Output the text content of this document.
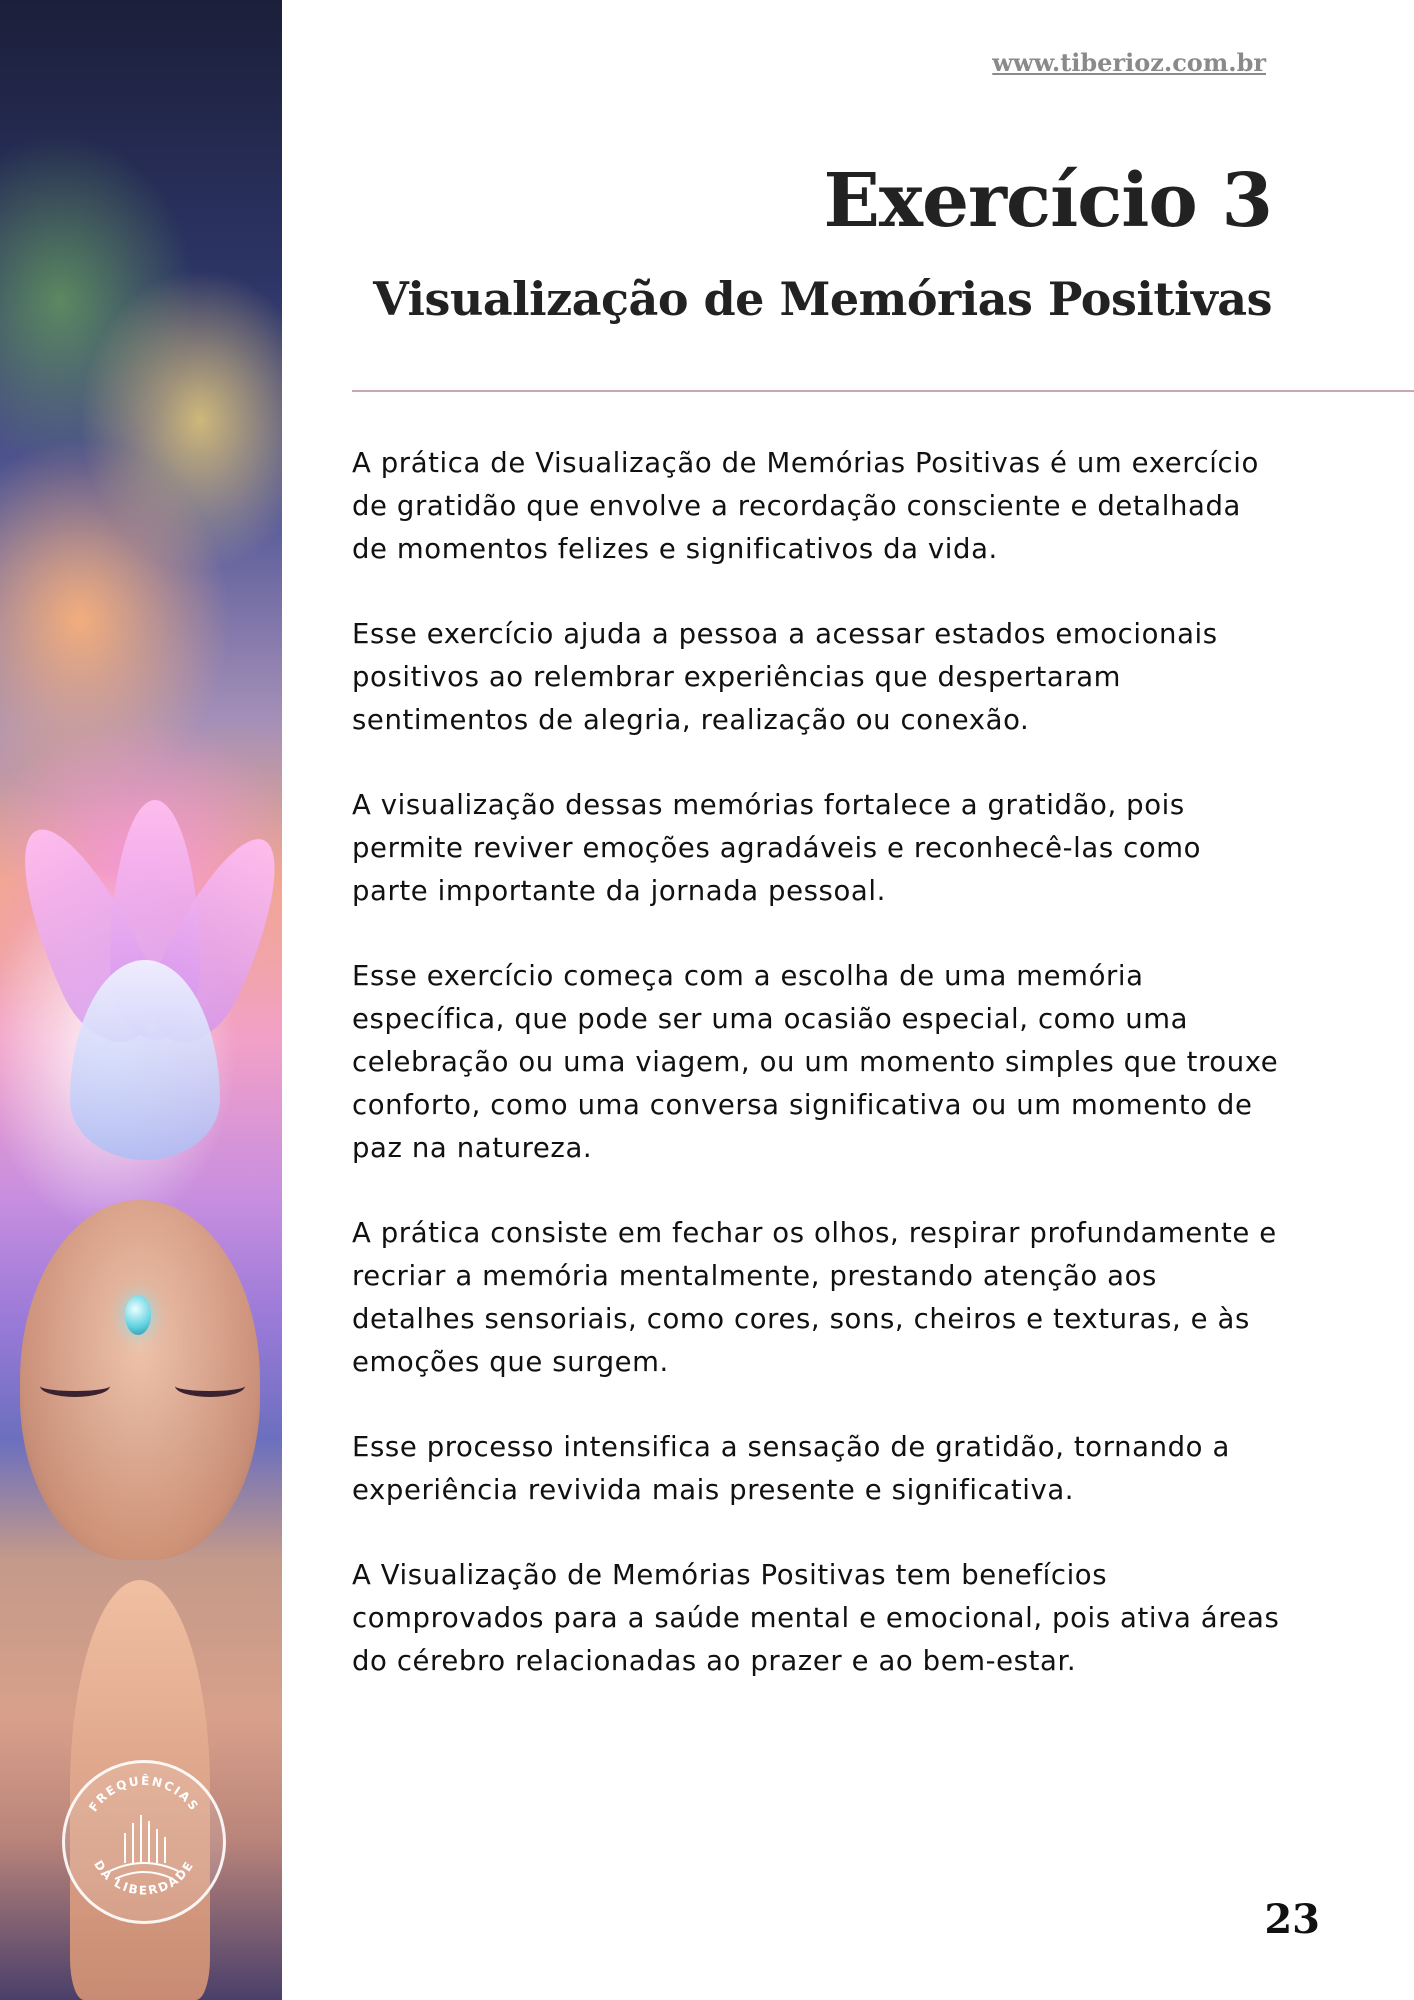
FREQUÊNCIAS
DA LIBERDADE
www.tiberioz.com.br
Exercício 3
Visualização de Memórias Positivas

A prática de Visualização de Memórias Positivas é um exercício de gratidão que envolve a recordação consciente e detalhada de momentos felizes e significativos da vida.

Esse exercício ajuda a pessoa a acessar estados emocionais positivos ao relembrar experiências que despertaram sentimentos de alegria, realização ou conexão.

A visualização dessas memórias fortalece a gratidão, pois permite reviver emoções agradáveis e reconhecê-las como parte importante da jornada pessoal.

Esse exercício começa com a escolha de uma memória específica, que pode ser uma ocasião especial, como uma celebração ou uma viagem, ou um momento simples que trouxe conforto, como uma conversa significativa ou um momento de paz na natureza.

A prática consiste em fechar os olhos, respirar profundamente e recriar a memória mentalmente, prestando atenção aos detalhes sensoriais, como cores, sons, cheiros e texturas, e às emoções que surgem.

Esse processo intensifica a sensação de gratidão, tornando a experiência revivida mais presente e significativa.

A Visualização de Memórias Positivas tem benefícios comprovados para a saúde mental e emocional, pois ativa áreas do cérebro relacionadas ao prazer e ao bem-estar.

23
